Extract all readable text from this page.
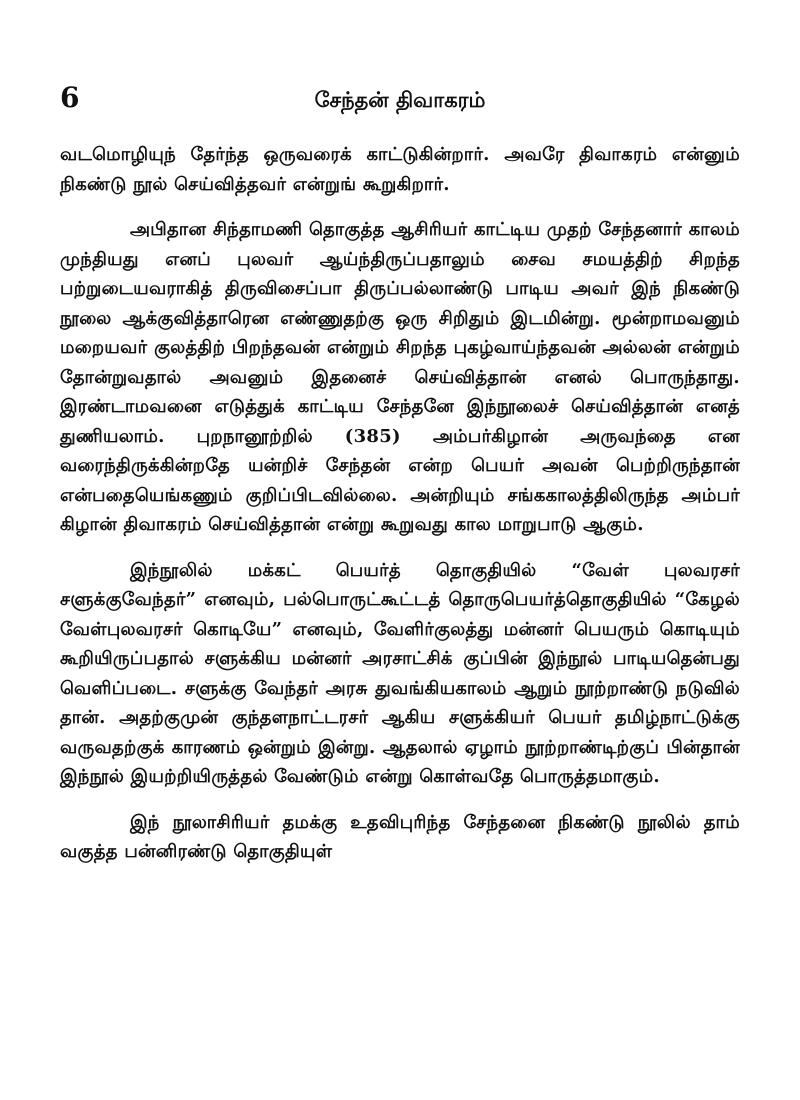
6	சேந்தன் திவாகரம்

வடமொழியுந் தேர்ந்த ஒருவரைக் காட்டுகின்றார். அவரே திவாகரம் என்னும் நிகண்டு நூல் செய்வித்தவர் என்றுங் கூறுகிறார்.

அபிதான சிந்தாமணி தொகுத்த ஆசிரியர் காட்டிய முதற் சேந்தனார் காலம் முந்தியது எனப் புலவர் ஆய்ந்திருப்பதாலும் சைவ சமயத்திற் சிறந்த பற்றுடையவராகித் திருவிசைப்பா திருப்பல்லாண்டு பாடிய அவர் இந் நிகண்டு நூலை ஆக்குவித்தாரென எண்ணுதற்கு ஒரு சிறிதும் இடமின்று. மூன்றாமவனும் மறையவர் குலத்திற் பிறந்தவன் என்றும் சிறந்த புகழ்வாய்ந்தவன் அல்லன் என்றும் தோன்றுவதால் அவனும் இதனைச் செய்வித்தான் எனல் பொருந்தாது. இரண்டாமவனை எடுத்துக் காட்டிய சேந்தனே இந்நூலைச் செய்வித்தான் எனத் துணியலாம். புறநானூற்றில் (385) அம்பர்கிழான் அருவந்தை என வரைந்திருக்கின்றதே யன்றிச் சேந்தன் என்ற பெயர் அவன் பெற்றிருந்தான் என்பதையெங்கணும் குறிப்பிடவில்லை. அன்றியும் சங்ககாலத்திலிருந்த அம்பர் கிழான் திவாகரம் செய்வித்தான் என்று கூறுவது கால மாறுபாடு ஆகும்.

இந்நூலில் மக்கட் பெயர்த் தொகுதியில் “வேள் புலவரசர் சளுக்குவேந்தர்” எனவும், பல்பொருட்கூட்டத் தொருபெயர்த்தொகுதியில் “கேழல் வேள்புலவரசர் கொடியே” எனவும், வேளிர்குலத்து மன்னர் பெயரும் கொடியும் கூறியிருப்பதால் சளுக்கிய மன்னர் அரசாட்சிக் குப்பின் இந்நூல் பாடியதென்பது வெளிப்படை. சளுக்கு வேந்தர் அரசு துவங்கியகாலம் ஆறும் நூற்றாண்டு நடுவில் தான். அதற்குமுன் குந்தளநாட்டரசர் ஆகிய சளுக்கியர் பெயர் தமிழ்நாட்டுக்கு வருவதற்குக் காரணம் ஒன்றும் இன்று. ஆதலால் ஏழாம் நூற்றாண்டிற்குப் பின்தான் இந்நூல் இயற்றியிருத்தல் வேண்டும் என்று கொள்வதே பொருத்தமாகும்.

இந் நூலாசிரியர் தமக்கு உதவிபுரிந்த சேந்தனை நிகண்டு நூலில் தாம் வகுத்த பன்னிரண்டு தொகுதியுள்
